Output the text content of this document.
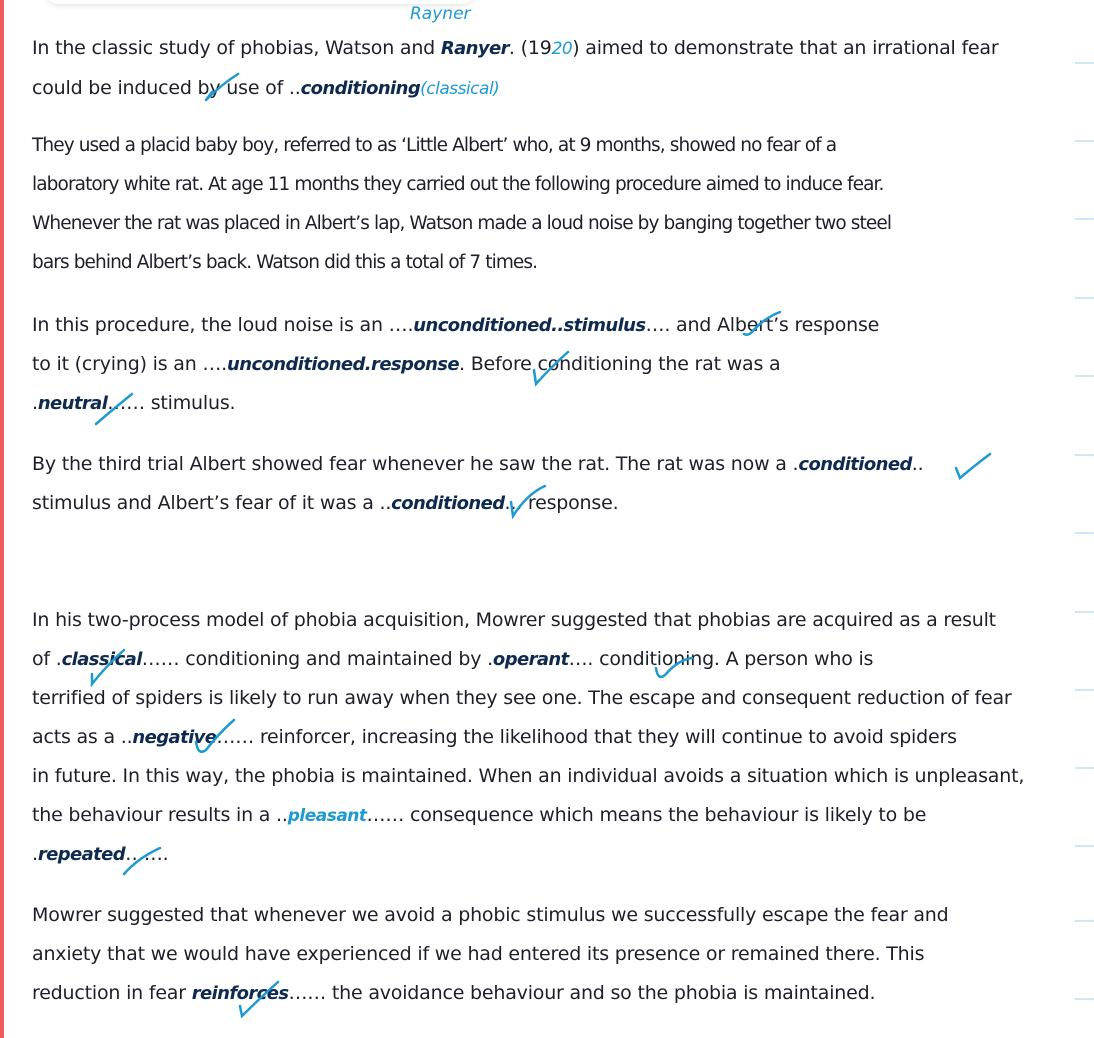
Rayner
In the classic study of phobias, Watson and Ranyer. (1920) aimed to demonstrate that an irrational fear
could be induced by use of ..conditioning(classical)
They used a placid baby boy, referred to as ‘Little Albert’ who, at 9 months, showed no fear of a
laboratory white rat. At age 11 months they carried out the following procedure aimed to induce fear.
Whenever the rat was placed in Albert’s lap, Watson made a loud noise by banging together two steel
bars behind Albert’s back. Watson did this a total of 7 times.
In this procedure, the loud noise is an ….unconditioned..stimulus…. and Albert’s response
to it (crying) is an ….unconditioned.response. Before conditioning the rat was a
.neutral…… stimulus.
By the third trial Albert showed fear whenever he saw the rat. The rat was now a .conditioned..
stimulus and Albert’s fear of it was a ..conditioned... response.
In his two-process model of phobia acquisition, Mowrer suggested that phobias are acquired as a result
of .classical…… conditioning and maintained by .operant…. conditioning. A person who is
terrified of spiders is likely to run away when they see one. The escape and consequent reduction of fear
acts as a ..negative…… reinforcer, increasing the likelihood that they will continue to avoid spiders
in future. In this way, the phobia is maintained. When an individual avoids a situation which is unpleasant,
the behaviour results in a ..pleasant…… consequence which means the behaviour is likely to be
.repeated…….
Mowrer suggested that whenever we avoid a phobic stimulus we successfully escape the fear and
anxiety that we would have experienced if we had entered its presence or remained there. This
reduction in fear reinforces…… the avoidance behaviour and so the phobia is maintained.
